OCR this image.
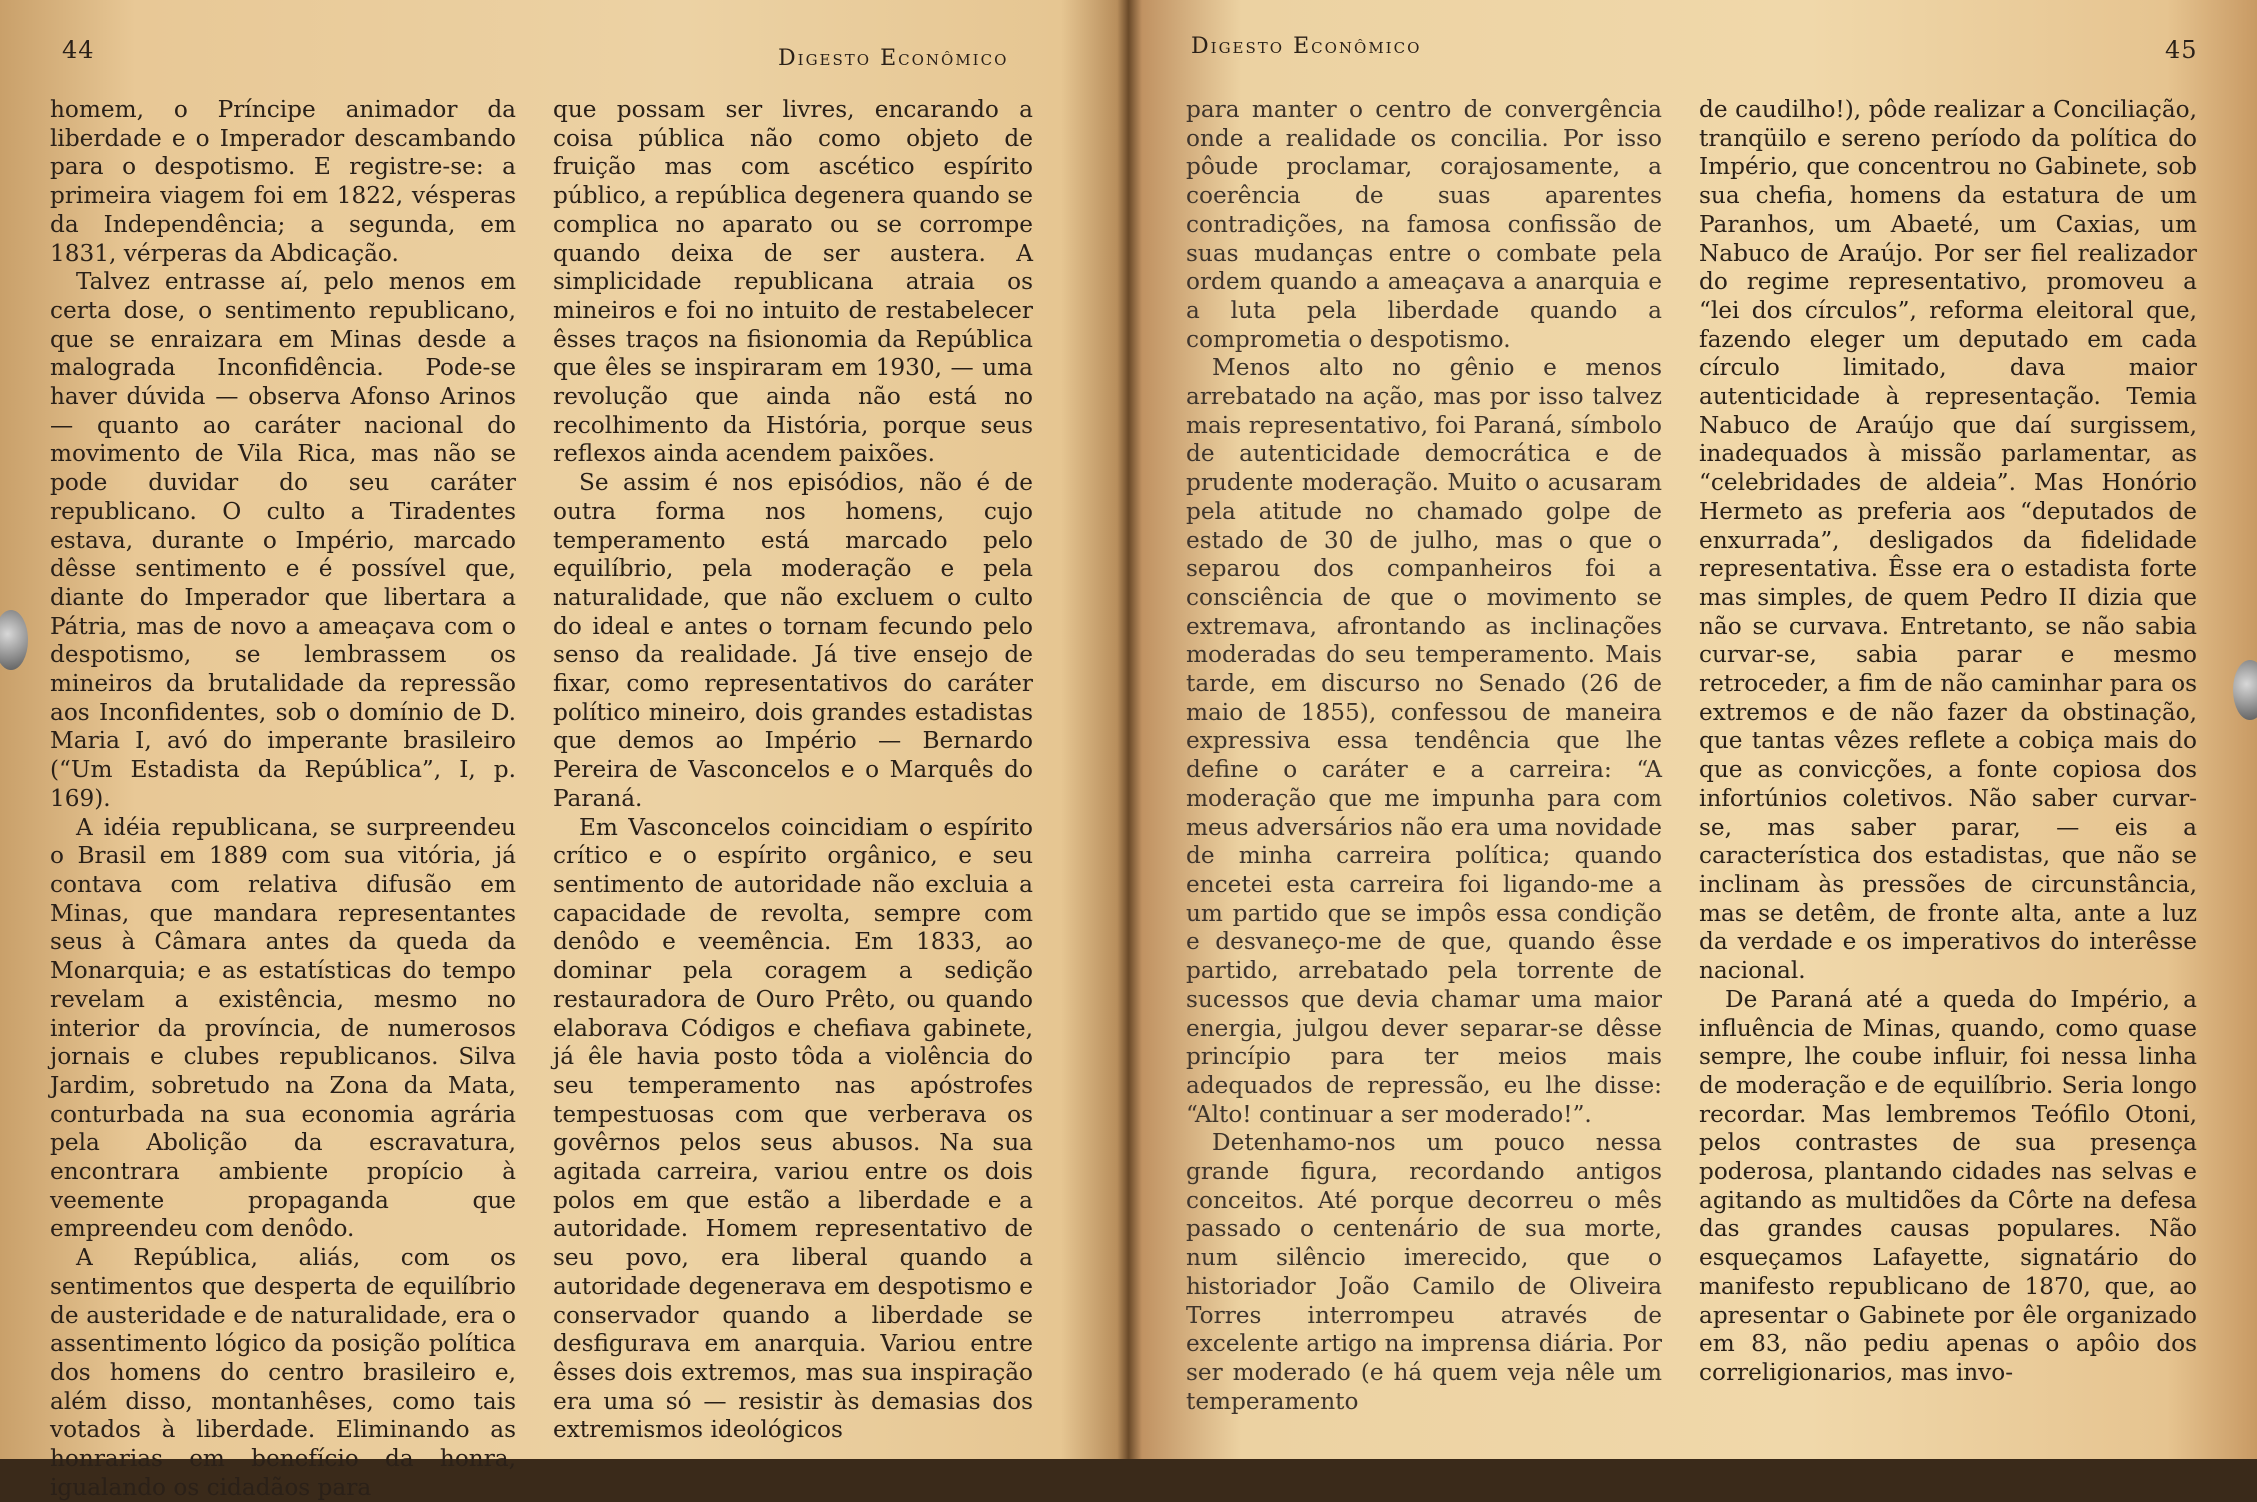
44	Digesto Econômico

homem, o Príncipe animador da liberdade e o Imperador descambando para o despotismo. E registre-se: a primeira viagem foi em 1822, vésperas da Independência; a segunda, em 1831, vérperas da Abdicação.

Talvez entrasse aí, pelo menos em certa dose, o sentimento republicano, que se enraizara em Minas desde a malograda Inconfidência. Pode-se haver dúvida — observa Afonso Arinos — quanto ao caráter nacional do movimento de Vila Rica, mas não se pode duvidar do seu caráter republicano. O culto a Tiradentes estava, durante o Império, marcado dêsse sentimento e é possível que, diante do Imperador que libertara a Pátria, mas de novo a ameaçava com o despotismo, se lembrassem os mineiros da brutalidade da repressão aos Inconfidentes, sob o domínio de D. Maria I, avó do imperante brasileiro (“Um Estadista da República”, I, p. 169).

A idéia republicana, se surpreendeu o Brasil em 1889 com sua vitória, já contava com relativa difusão em Minas, que mandara representantes seus à Câmara antes da queda da Monarquia; e as estatísticas do tempo revelam a existência, mesmo no interior da província, de numerosos jornais e clubes republicanos. Silva Jardim, sobretudo na Zona da Mata, conturbada na sua economia agrária pela Abolição da escravatura, encontrara ambiente propício à veemente propaganda que empreendeu com denôdo.

A República, aliás, com os sentimentos que desperta de equilíbrio de austeridade e de naturalidade, era o assentimento lógico da posição política dos homens do centro brasileiro e, além disso, montanhêses, como tais votados à liberdade. Eliminando as honrarias em benefício da honra, igualando os cidadãos para

que possam ser livres, encarando a coisa pública não como objeto de fruição mas com ascético espírito público, a república degenera quando se complica no aparato ou se corrompe quando deixa de ser austera. A simplicidade republicana atraia os mineiros e foi no intuito de restabelecer êsses traços na fisionomia da República que êles se inspiraram em 1930, — uma revolução que ainda não está no recolhimento da História, porque seus reflexos ainda acendem paixões.

Se assim é nos episódios, não é de outra forma nos homens, cujo temperamento está marcado pelo equilíbrio, pela moderação e pela naturalidade, que não excluem o culto do ideal e antes o tornam fecundo pelo senso da realidade. Já tive ensejo de fixar, como representativos do caráter político mineiro, dois grandes estadistas que demos ao Império — Bernardo Pereira de Vasconcelos e o Marquês do Paraná.

Em Vasconcelos coincidiam o espírito crítico e o espírito orgânico, e seu sentimento de autoridade não excluia a capacidade de revolta, sempre com denôdo e veemência. Em 1833, ao dominar pela coragem a sedição restauradora de Ouro Prêto, ou quando elaborava Códigos e chefiava gabinete, já êle havia posto tôda a violência do seu temperamento nas apóstrofes tempestuosas com que verberava os govêrnos pelos seus abusos. Na sua agitada carreira, variou entre os dois polos em que estão a liberdade e a autoridade. Homem representativo de seu povo, era liberal quando a autoridade degenerava em despotismo e conservador quando a liberdade se desfigurava em anarquia. Variou entre êsses dois extremos, mas sua inspiração era uma só — resistir às demasias dos extremismos ideológicos

Digesto Econômico	45

para manter o centro de convergência onde a realidade os concilia. Por isso pôude proclamar, corajosamente, a coerência de suas aparentes contradições, na famosa confissão de suas mudanças entre o combate pela ordem quando a ameaçava a anarquia e a luta pela liberdade quando a comprometia o despotismo.

Menos alto no gênio e menos arrebatado na ação, mas por isso talvez mais representativo, foi Paraná, símbolo de autenticidade democrática e de prudente moderação. Muito o acusaram pela atitude no chamado golpe de estado de 30 de julho, mas o que o separou dos companheiros foi a consciência de que o movimento se extremava, afrontando as inclinações moderadas do seu temperamento. Mais tarde, em discurso no Senado (26 de maio de 1855), confessou de maneira expressiva essa tendência que lhe define o caráter e a carreira: “A moderação que me impunha para com meus adversários não era uma novidade de minha carreira política; quando encetei esta carreira foi ligando-me a um partido que se impôs essa condição e desvaneço-me de que, quando êsse partido, arrebatado pela torrente de sucessos que devia chamar uma maior energia, julgou dever separar-se dêsse princípio para ter meios mais adequados de repressão, eu lhe disse: “Alto! continuar a ser moderado!”.

Detenhamo-nos um pouco nessa grande figura, recordando antigos conceitos. Até porque decorreu o mês passado o centenário de sua morte, num silêncio imerecido, que o historiador João Camilo de Oliveira Torres interrompeu através de excelente artigo na imprensa diária. Por ser moderado (e há quem veja nêle um temperamento

de caudilho!), pôde realizar a Conciliação, tranqüilo e sereno período da política do Império, que concentrou no Gabinete, sob sua chefia, homens da estatura de um Paranhos, um Abaeté, um Caxias, um Nabuco de Araújo. Por ser fiel realizador do regime representativo, promoveu a “lei dos círculos”, reforma eleitoral que, fazendo eleger um deputado em cada círculo limitado, dava maior autenticidade à representação. Temia Nabuco de Araújo que daí surgissem, inadequados à missão parlamentar, as “celebridades de aldeia”. Mas Honório Hermeto as preferia aos “deputados de enxurrada”, desligados da fidelidade representativa. Êsse era o estadista forte mas simples, de quem Pedro II dizia que não se curvava. Entretanto, se não sabia curvar-se, sabia parar e mesmo retroceder, a fim de não caminhar para os extremos e de não fazer da obstinação, que tantas vêzes reflete a cobiça mais do que as convicções, a fonte copiosa dos infortúnios coletivos. Não saber curvar-se, mas saber parar, — eis a característica dos estadistas, que não se inclinam às pressões de circunstância, mas se detêm, de fronte alta, ante a luz da verdade e os imperativos do interêsse nacional.

De Paraná até a queda do Império, a influência de Minas, quando, como quase sempre, lhe coube influir, foi nessa linha de moderação e de equilíbrio. Seria longo recordar. Mas lembremos Teófilo Otoni, pelos contrastes de sua presença poderosa, plantando cidades nas selvas e agitando as multidões da Côrte na defesa das grandes causas populares. Não esqueçamos Lafayette, signatário do manifesto republicano de 1870, que, ao apresentar o Gabinete por êle organizado em 83, não pediu apenas o apôio dos correligionarios, mas invo-
